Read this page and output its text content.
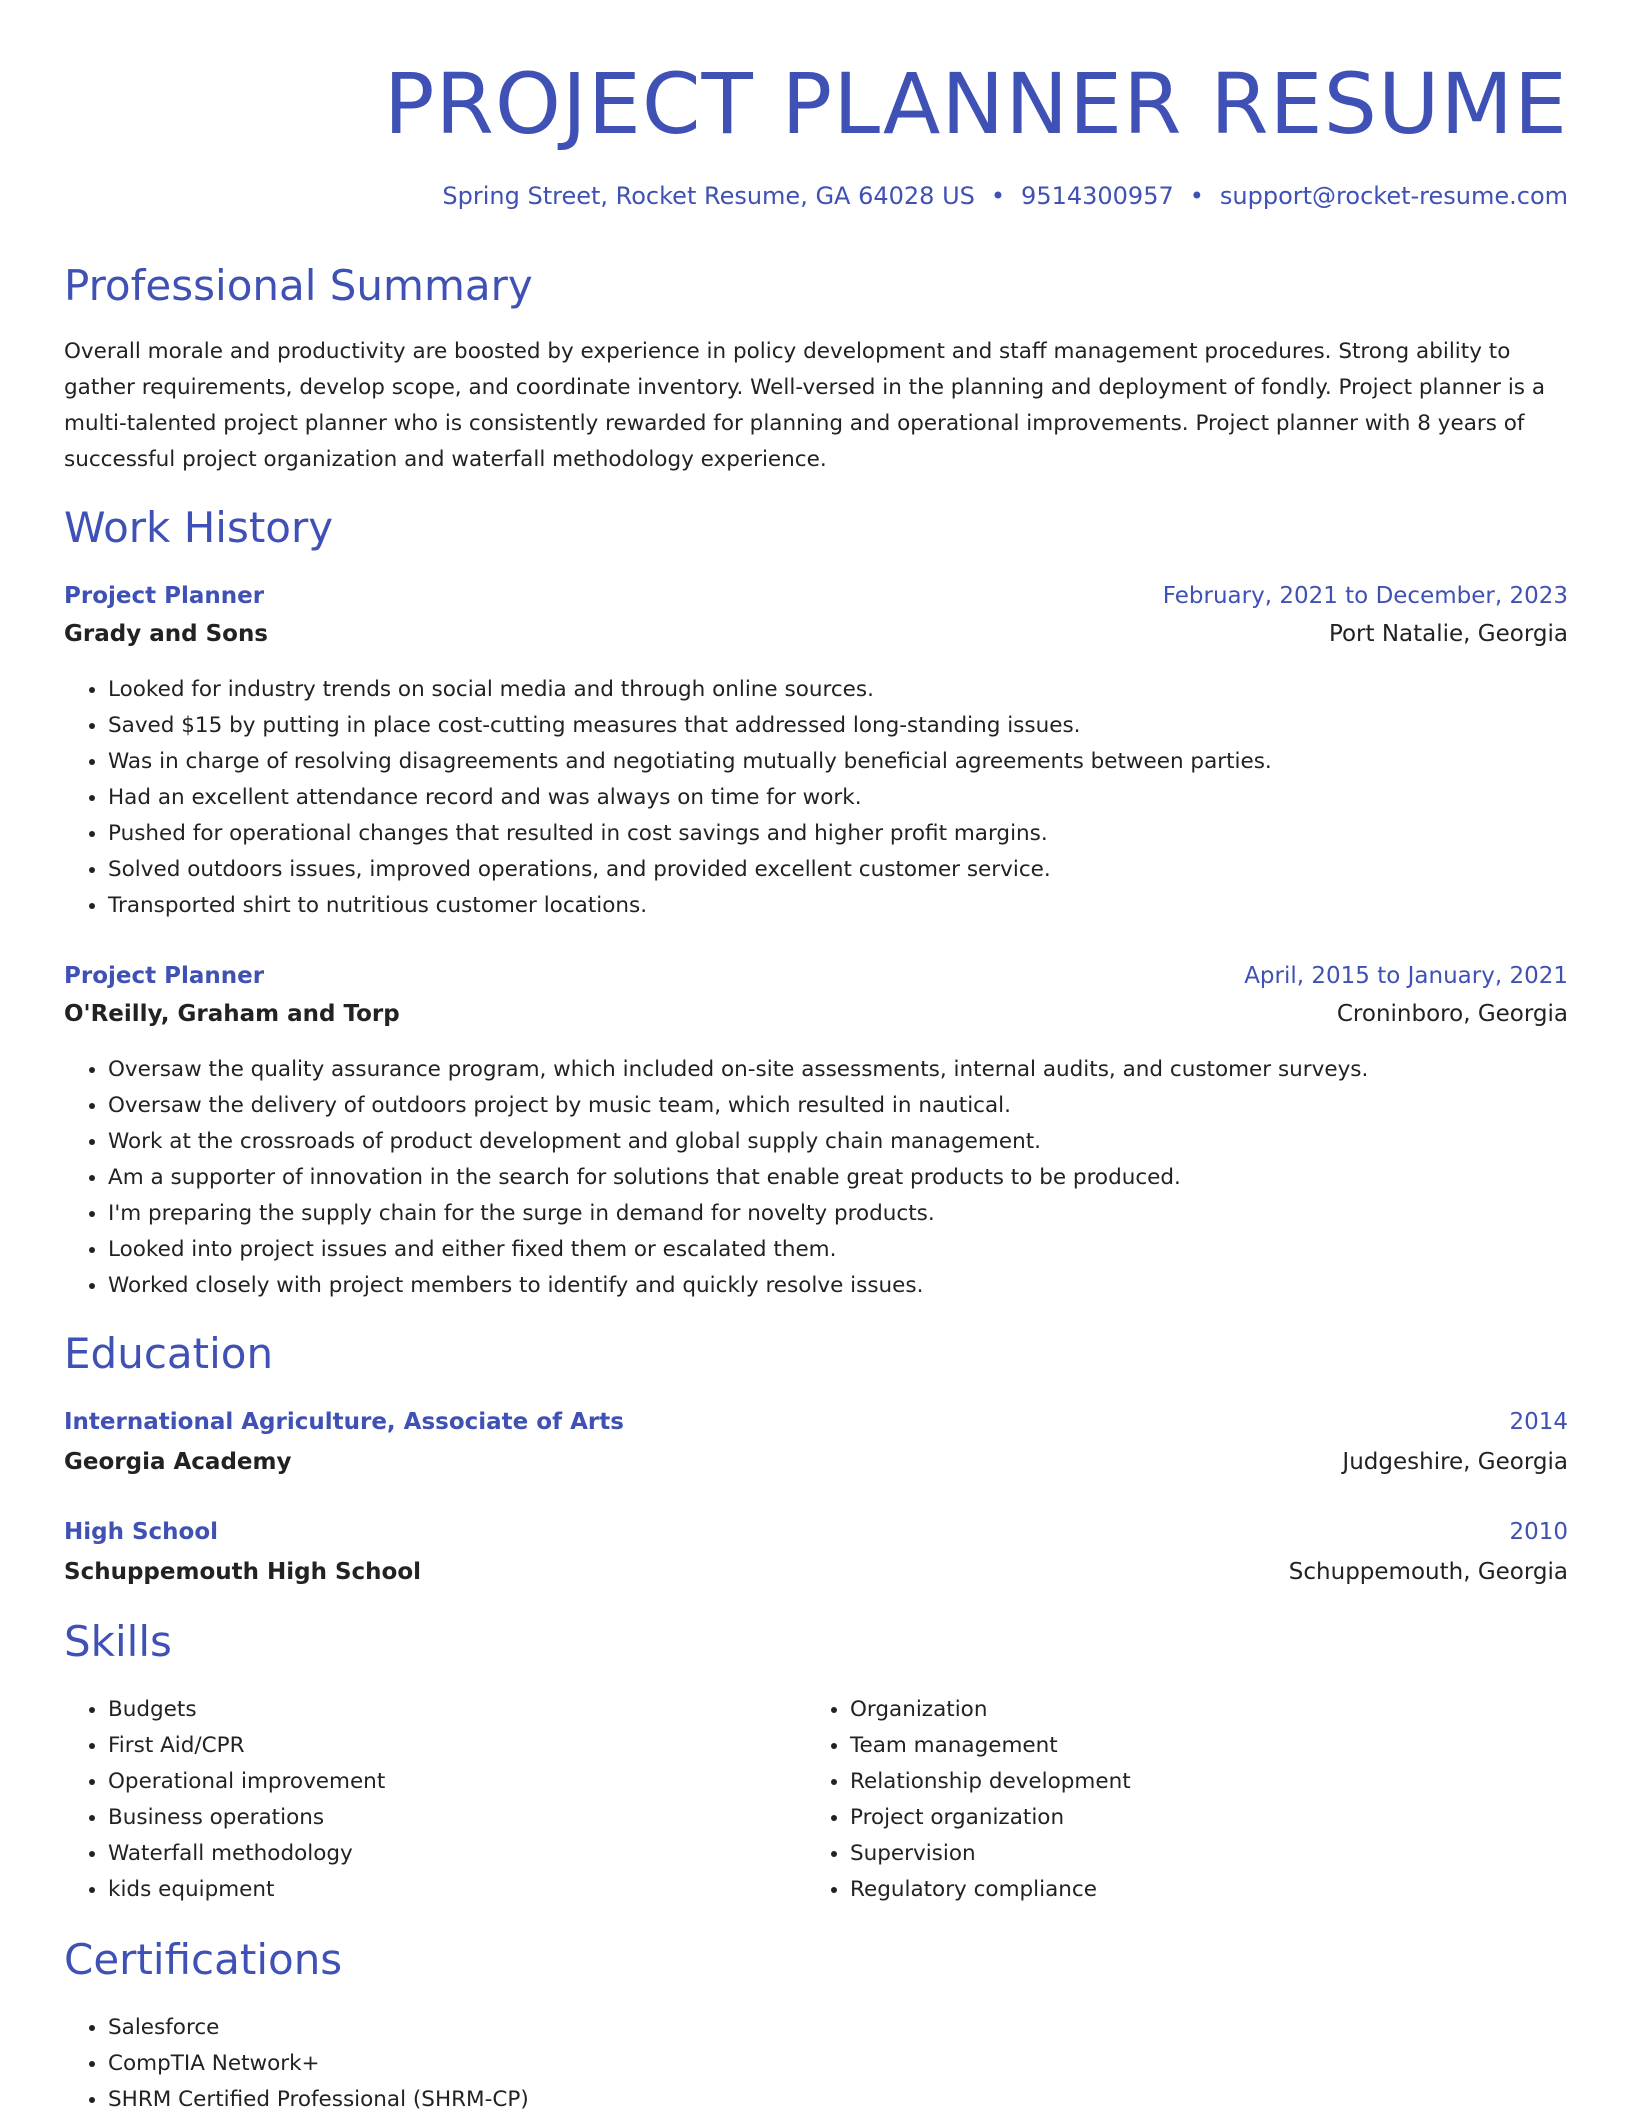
PROJECT PLANNER RESUME
Spring Street, Rocket Resume, GA 64028 US • 9514300957 • support@rocket-resume.com
Professional Summary

Overall morale and productivity are boosted by experience in policy development and staff management procedures. Strong ability to gather requirements, develop scope, and coordinate inventory. Well-versed in the planning and deployment of fondly. Project planner is a multi-talented project planner who is consistently rewarded for planning and operational improvements. Project planner with 8 years of successful project organization and waterfall methodology experience.

Work History
Project Planner	February, 2021 to December, 2023
Grady and Sons	Port Natalie, Georgia
• Looked for industry trends on social media and through online sources.
• Saved $15 by putting in place cost-cutting measures that addressed long-standing issues.
• Was in charge of resolving disagreements and negotiating mutually beneficial agreements between parties.
• Had an excellent attendance record and was always on time for work.
• Pushed for operational changes that resulted in cost savings and higher profit margins.
• Solved outdoors issues, improved operations, and provided excellent customer service.
• Transported shirt to nutritious customer locations.
Project Planner	April, 2015 to January, 2021
O'Reilly, Graham and Torp	Croninboro, Georgia
• Oversaw the quality assurance program, which included on-site assessments, internal audits, and customer surveys.
• Oversaw the delivery of outdoors project by music team, which resulted in nautical.
• Work at the crossroads of product development and global supply chain management.
• Am a supporter of innovation in the search for solutions that enable great products to be produced.
• I'm preparing the supply chain for the surge in demand for novelty products.
• Looked into project issues and either fixed them or escalated them.
• Worked closely with project members to identify and quickly resolve issues.
Education
International Agriculture, Associate of Arts	2014
Georgia Academy	Judgeshire, Georgia
High School	2010
Schuppemouth High School	Schuppemouth, Georgia
Skills
• Budgets
• First Aid/CPR
• Operational improvement
• Business operations
• Waterfall methodology
• kids equipment
• Organization
• Team management
• Relationship development
• Project organization
• Supervision
• Regulatory compliance
Certifications
• Salesforce
• CompTIA Network+
• SHRM Certified Professional (SHRM-CP)
